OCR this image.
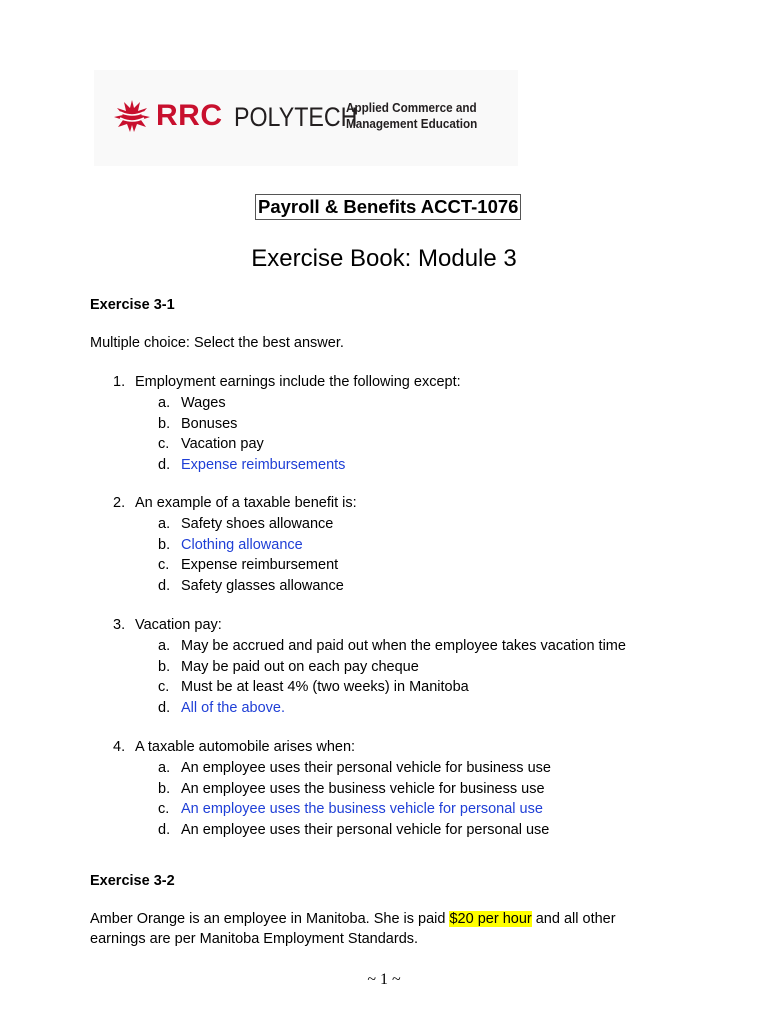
RRC POLYTECH
Applied Commerce and
Management Education
Payroll & Benefits ACCT-1076
Exercise Book: Module 3
Exercise 3-1
Multiple choice: Select the best answer.
1. Employment earnings include the following except:
a. Wages
b. Bonuses
c. Vacation pay
d. Expense reimbursements
2. An example of a taxable benefit is:
a. Safety shoes allowance
b. Clothing allowance
c. Expense reimbursement
d. Safety glasses allowance
3. Vacation pay:
a. May be accrued and paid out when the employee takes vacation time
b. May be paid out on each pay cheque
c. Must be at least 4% (two weeks) in Manitoba
d. All of the above.
4. A taxable automobile arises when:
a. An employee uses their personal vehicle for business use
b. An employee uses the business vehicle for business use
c. An employee uses the business vehicle for personal use
d. An employee uses their personal vehicle for personal use
Exercise 3-2
Amber Orange is an employee in Manitoba. She is paid $20 per hour and all other earnings are per Manitoba Employment Standards.
~ 1 ~
